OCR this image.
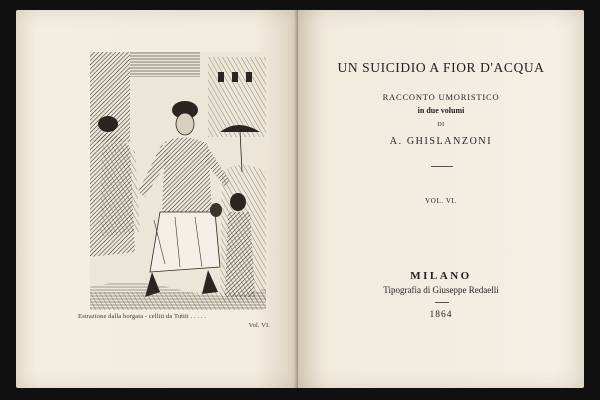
Estrazione dalla borgata - celliti da Tuttii . . . . .
Vol. VI.
UN SUICIDIO A FIOR D'ACQUA
RACCONTO UMORISTICO
in due volumi
DI
A. GHISLANZONI
VOL. VI.
MILANO
Tipografia di Giuseppe Redaelli
1864
